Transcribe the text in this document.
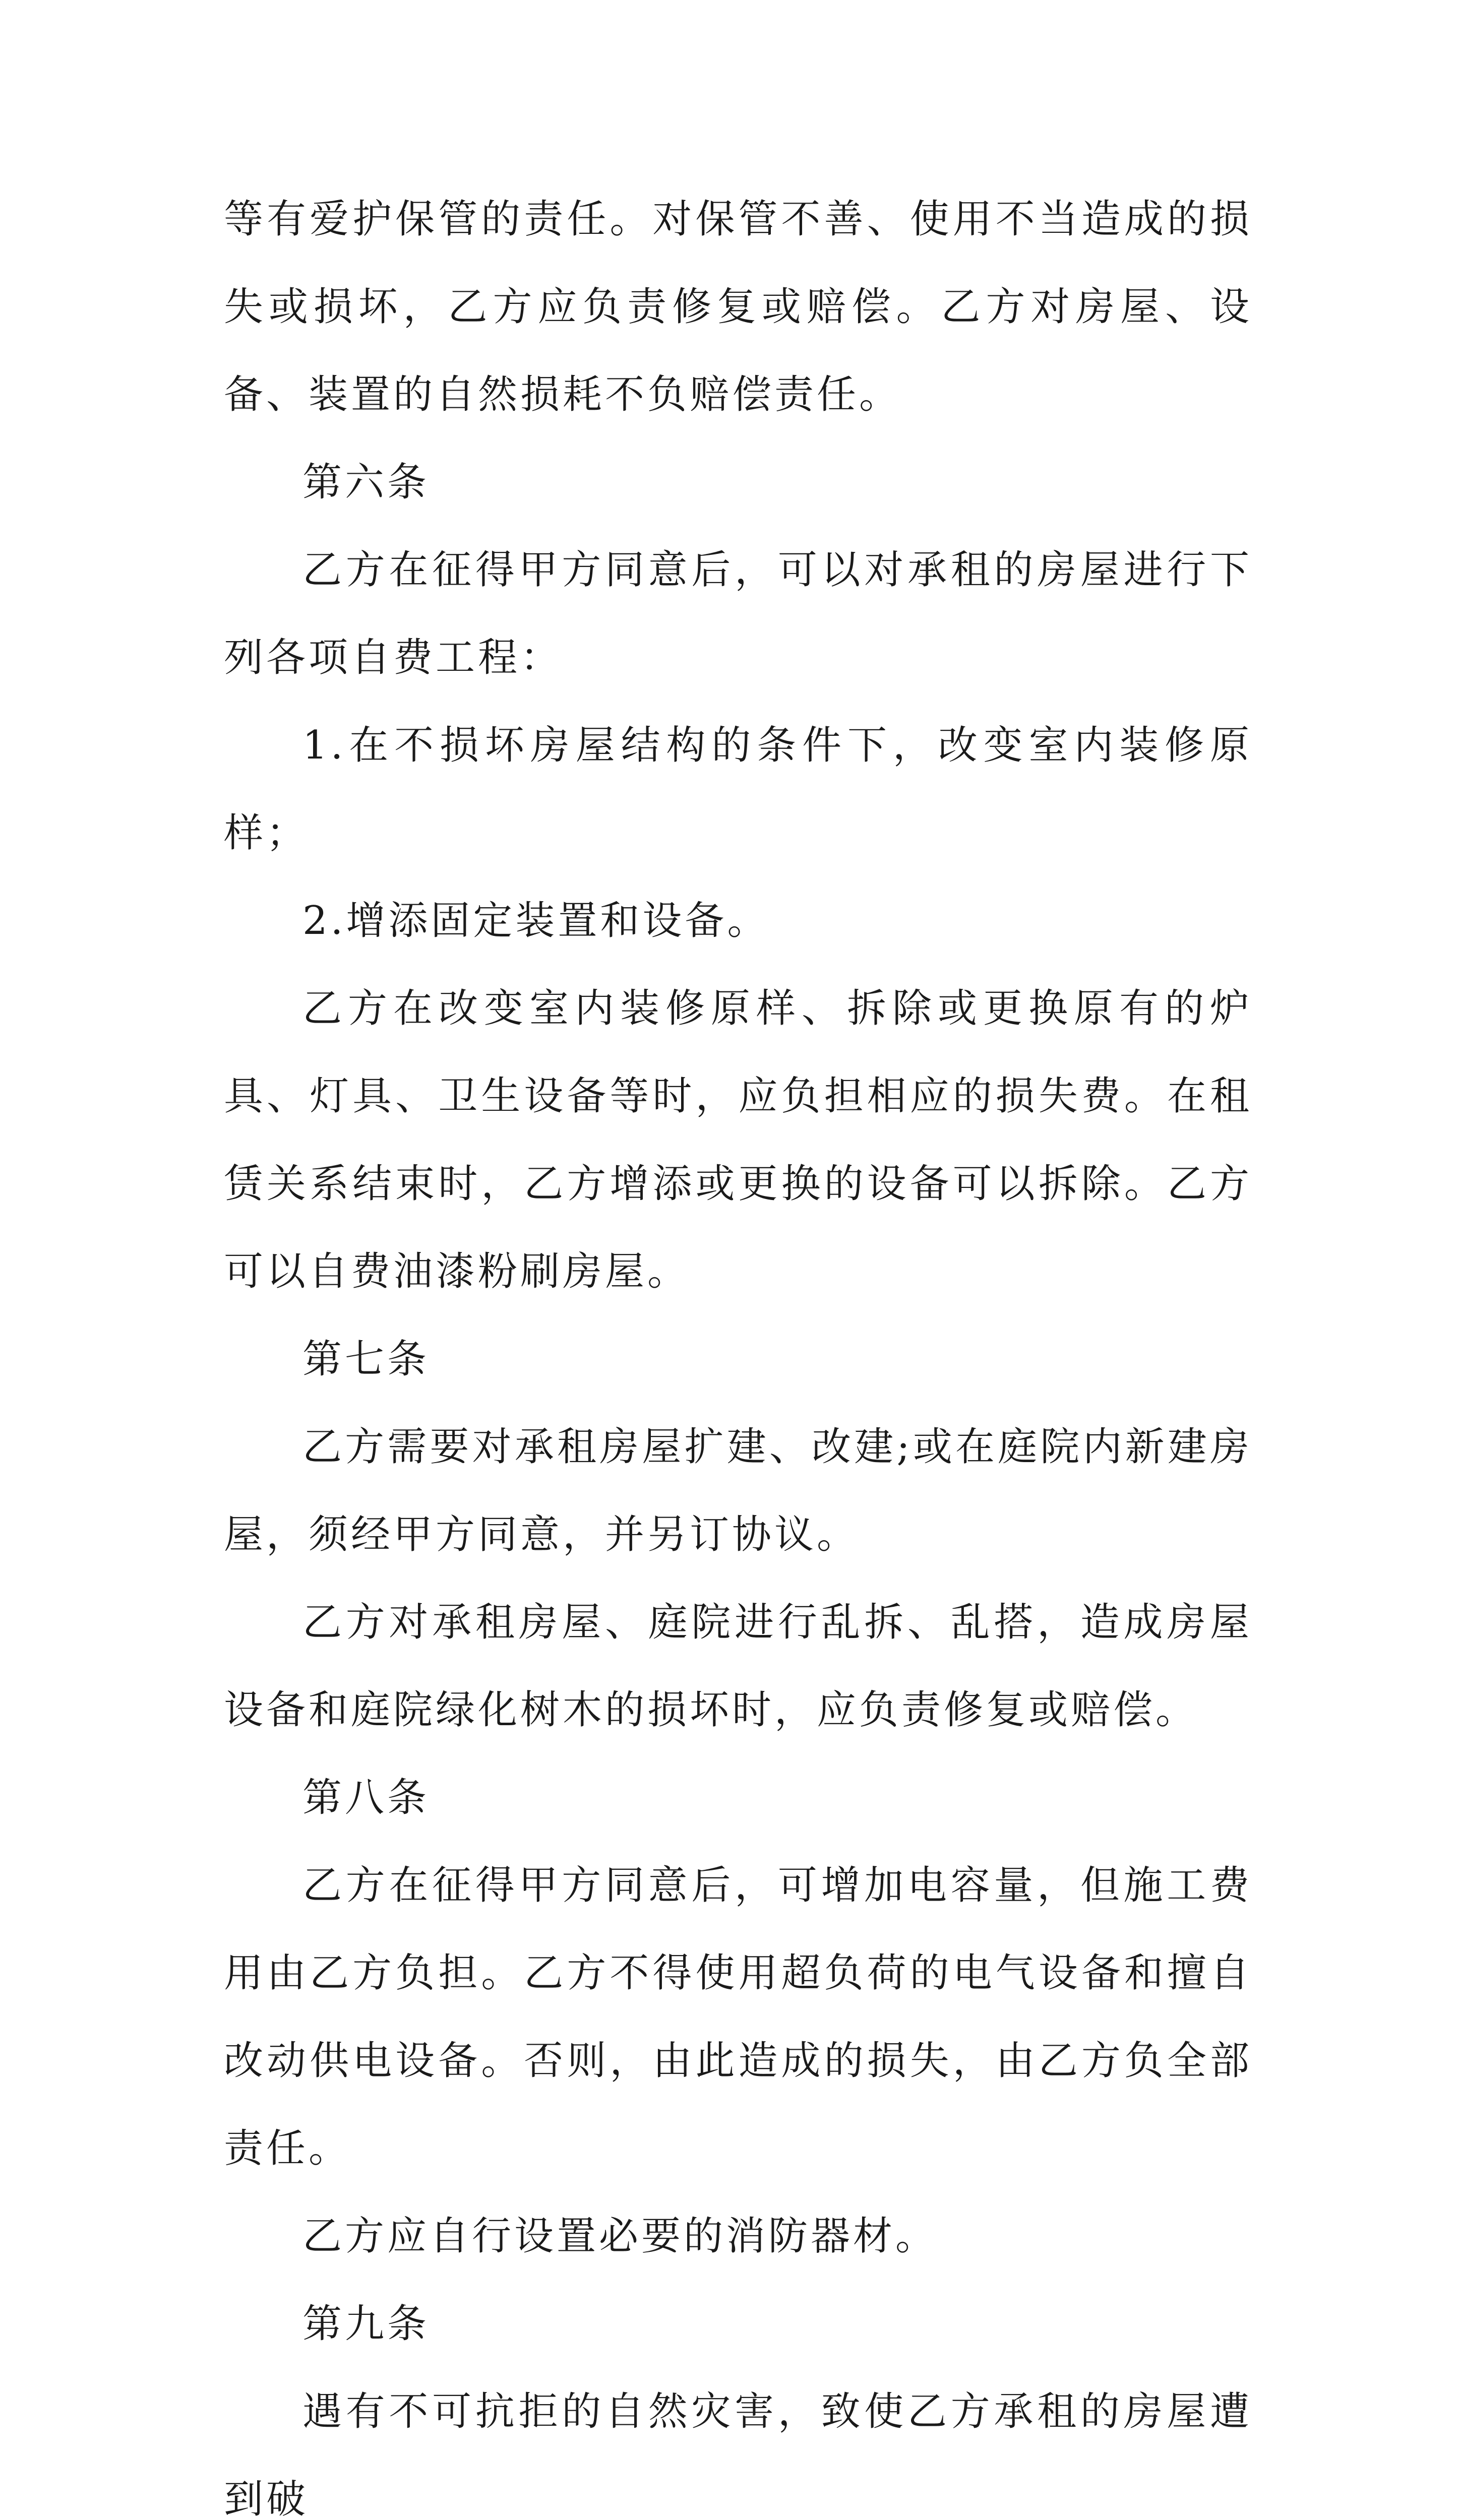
等有爱护保管的责任。对保管不善、使用不当造成的损失或损坏，乙方应负责修复或赔偿。乙方对房屋、设备、装置的自然损耗不负赔偿责任。

第六条

乙方在征得甲方同意后，可以对承租的房屋进行下列各项自费工程：

1.在不损坏房屋结构的条件下，改变室内装修原样；

2.增添固定装置和设备。

乙方在改变室内装修原样、拆除或更换原有的炉具、灯具、卫生设备等时，应负担相应的损失费。在租赁关系结束时，乙方增添或更换的设备可以拆除。乙方可以自费油漆粉刷房屋。

第七条

乙方需要对承租房屋扩建、改建;或在庭院内新建房屋，须经甲方同意，并另订协议。

乙方对承租房屋、庭院进行乱拆、乱搭，造成房屋设备和庭院绿化树木的损坏时，应负责修复或赔偿。

第八条

乙方在征得甲方同意后，可增加电容量，但施工费用由乙方负担。乙方不得使用超负荷的电气设备和擅自改动供电设备。否则，由此造成的损失，由乙方负全部责任。

乙方应自行设置必要的消防器材。

第九条

遇有不可抗拒的自然灾害，致使乙方承租的房屋遭到破
